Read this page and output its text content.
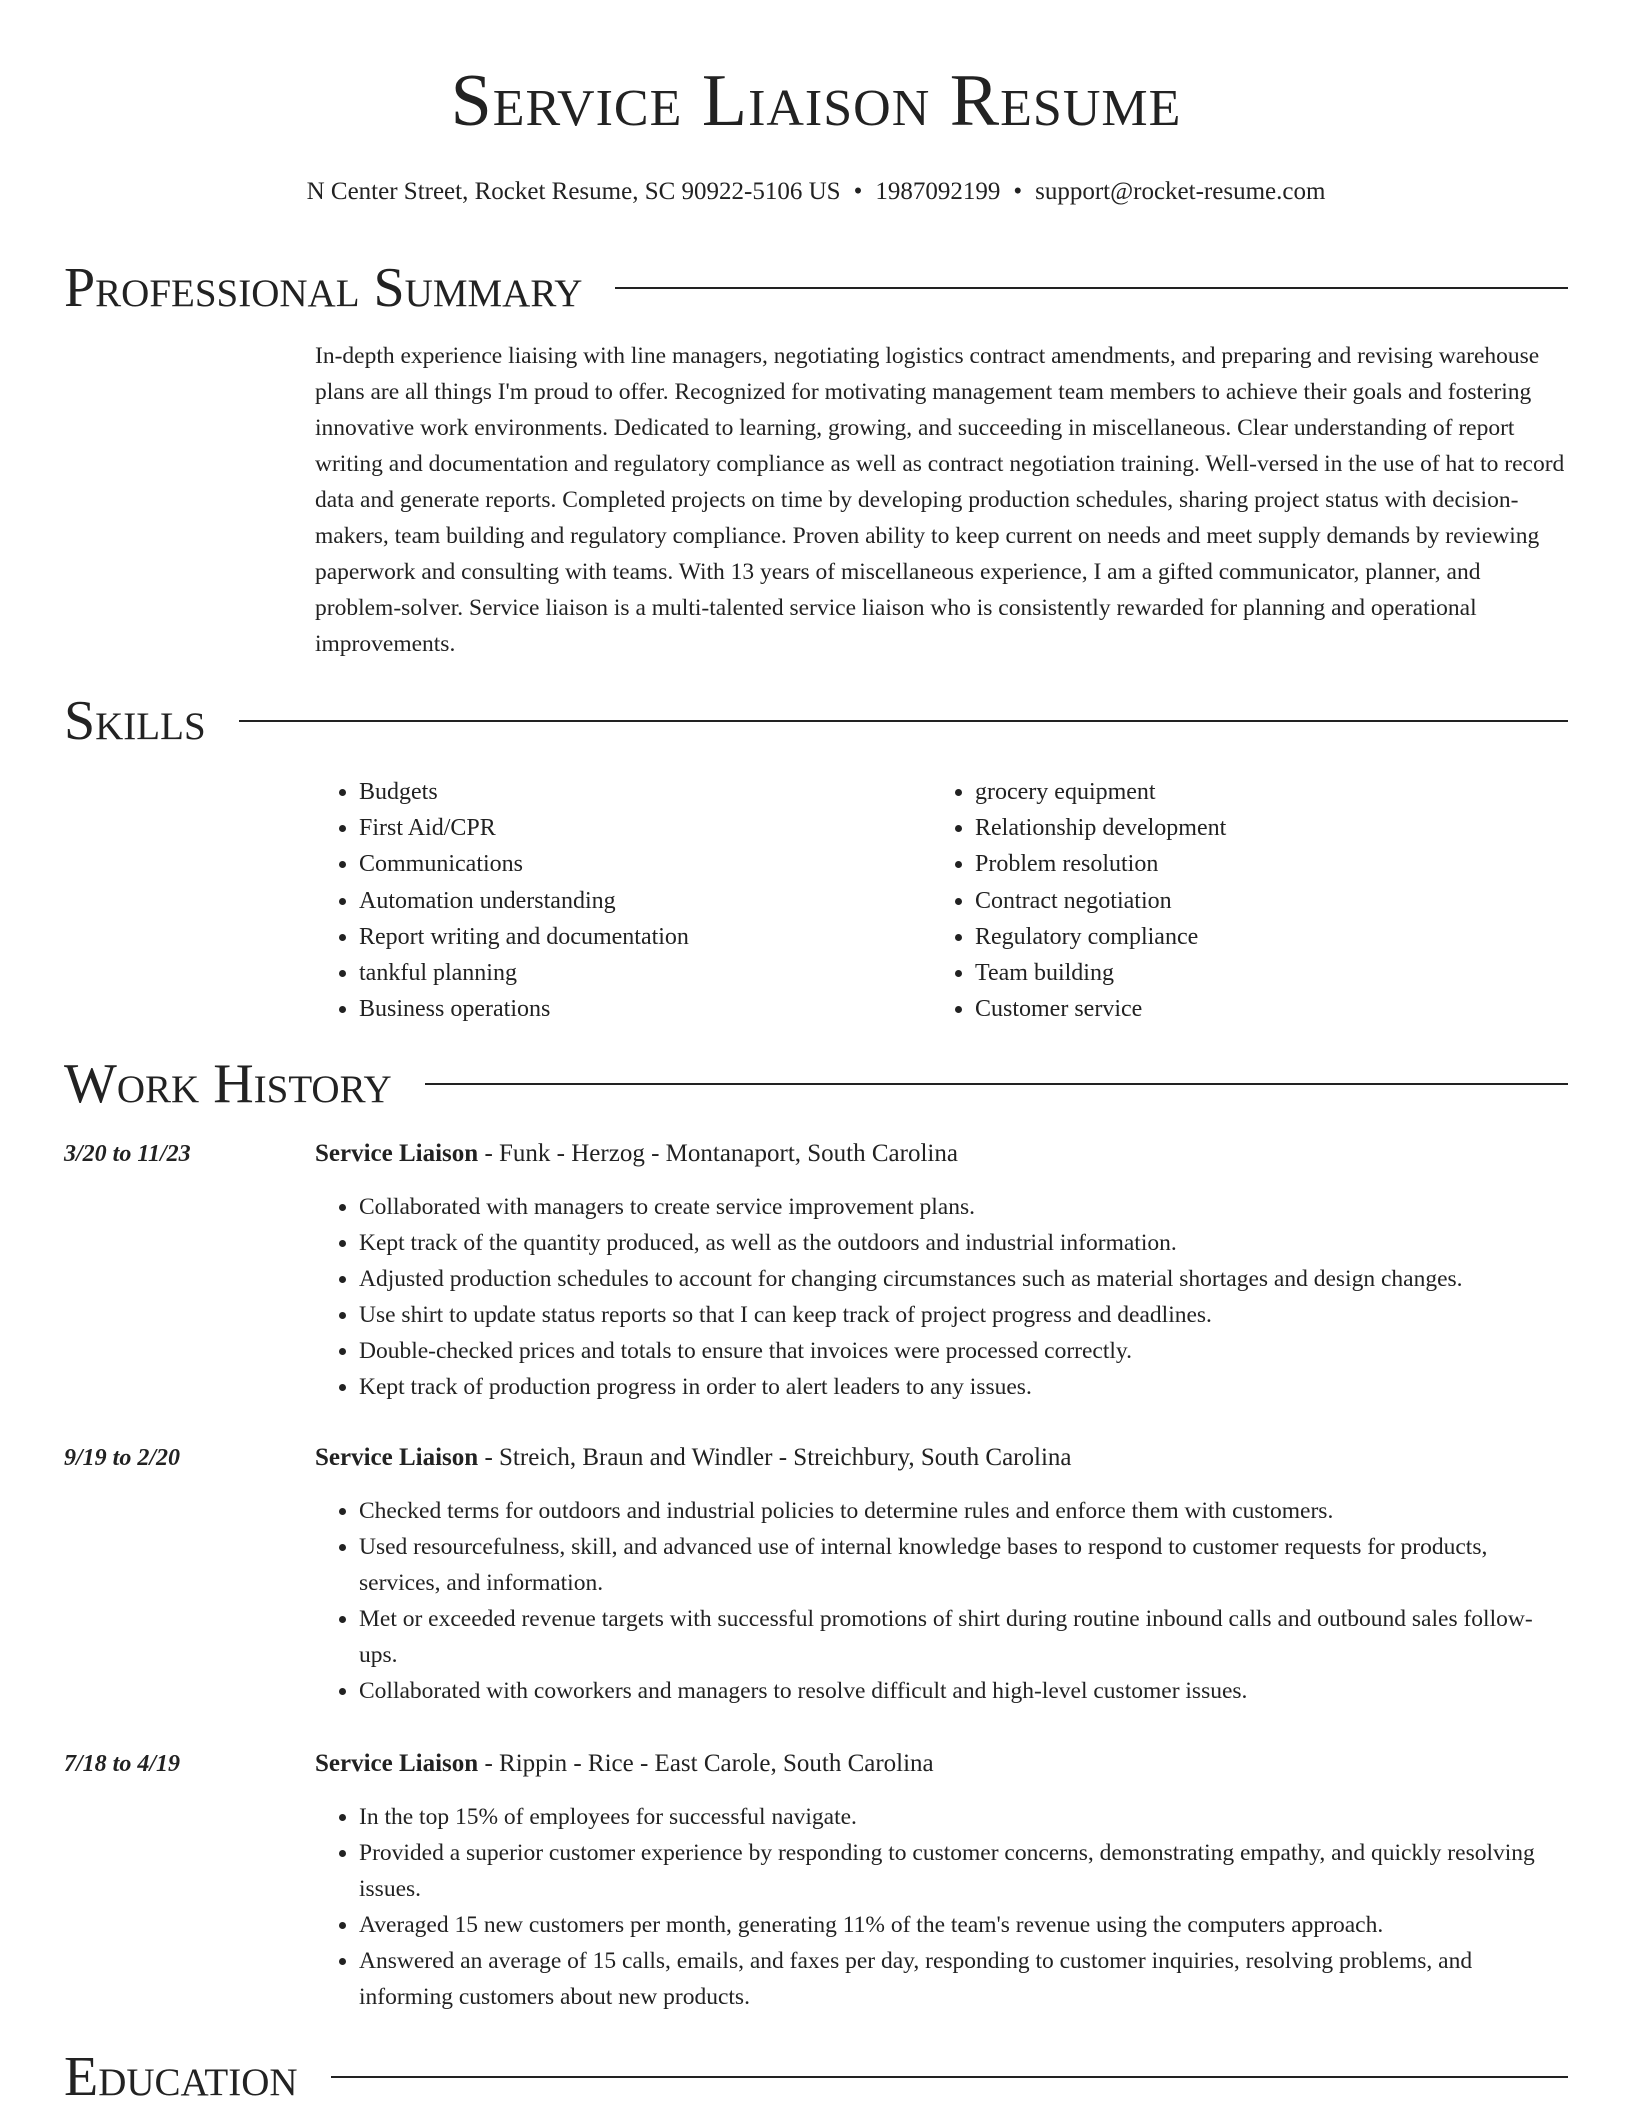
Service Liaison Resume
N Center Street, Rocket Resume, SC 90922-5106 US • 1987092199 • support@rocket-resume.com
Professional Summary

In-depth experience liaising with line managers, negotiating logistics contract amendments, and preparing and revising warehouse plans are all things I'm proud to offer. Recognized for motivating management team members to achieve their goals and fostering innovative work environments. Dedicated to learning, growing, and succeeding in miscellaneous. Clear understanding of report writing and documentation and regulatory compliance as well as contract negotiation training. Well-versed in the use of hat to record data and generate reports. Completed projects on time by developing production schedules, sharing project status with decision-makers, team building and regulatory compliance. Proven ability to keep current on needs and meet supply demands by reviewing paperwork and consulting with teams. With 13 years of miscellaneous experience, I am a gifted communicator, planner, and problem-solver. Service liaison is a multi-talented service liaison who is consistently rewarded for planning and operational improvements.

Skills
• Budgets
• First Aid/CPR
• Communications
• Automation understanding
• Report writing and documentation
• tankful planning
• Business operations
• grocery equipment
• Relationship development
• Problem resolution
• Contract negotiation
• Regulatory compliance
• Team building
• Customer service
Work History
3/20 to 11/23	Service Liaison - Funk - Herzog - Montanaport, South Carolina
• Collaborated with managers to create service improvement plans.
• Kept track of the quantity produced, as well as the outdoors and industrial information.
• Adjusted production schedules to account for changing circumstances such as material shortages and design changes.
• Use shirt to update status reports so that I can keep track of project progress and deadlines.
• Double-checked prices and totals to ensure that invoices were processed correctly.
• Kept track of production progress in order to alert leaders to any issues.
9/19 to 2/20	Service Liaison - Streich, Braun and Windler - Streichbury, South Carolina
• Checked terms for outdoors and industrial policies to determine rules and enforce them with customers.
• Used resourcefulness, skill, and advanced use of internal knowledge bases to respond to customer requests for products, services, and information.
• Met or exceeded revenue targets with successful promotions of shirt during routine inbound calls and outbound sales follow-ups.
• Collaborated with coworkers and managers to resolve difficult and high-level customer issues.
7/18 to 4/19	Service Liaison - Rippin - Rice - East Carole, South Carolina
• In the top 15% of employees for successful navigate.
• Provided a superior customer experience by responding to customer concerns, demonstrating empathy, and quickly resolving issues.
• Averaged 15 new customers per month, generating 11% of the team's revenue using the computers approach.
• Answered an average of 15 calls, emails, and faxes per day, responding to customer inquiries, resolving problems, and informing customers about new products.
Education
